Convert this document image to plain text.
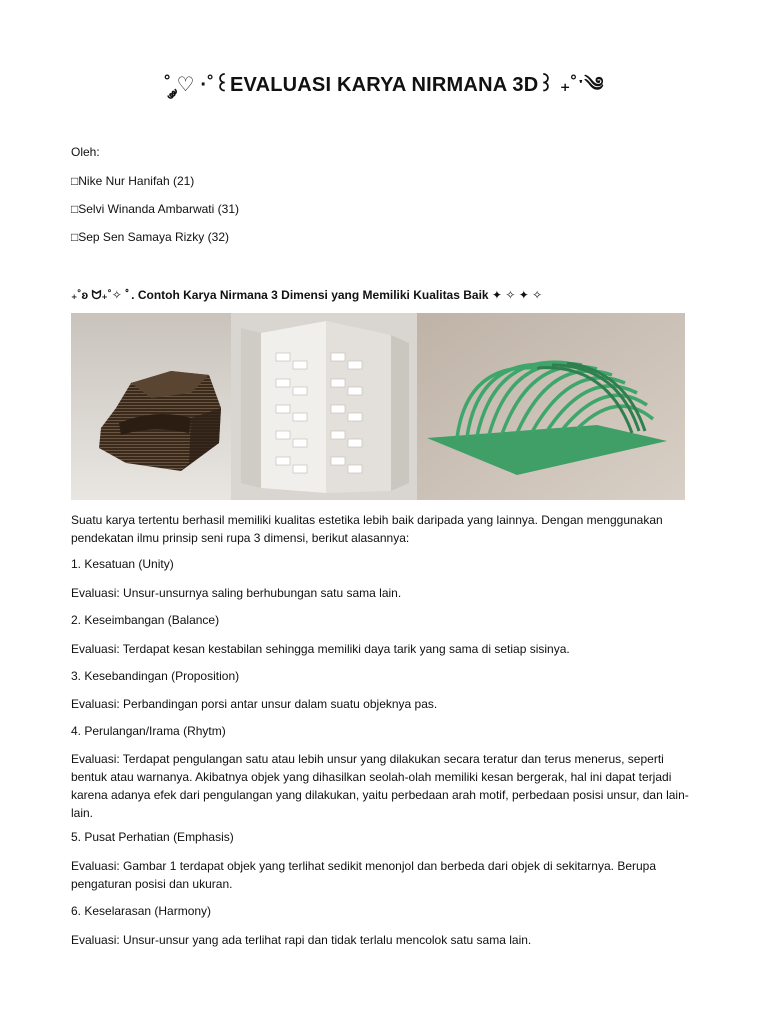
˚ ༘♡ ·˚꒰EVALUASI KARYA NIRMANA 3D꒱ ₊˚ˑ༄
Oleh:
□Nike Nur Hanifah (21)
□Selvi Winanda Ambarwati (31)
□Sep Sen Samaya Rizky (32)
₊˚ʚ ᗢ₊˚✧ ﾟ. Contoh Karya Nirmana 3 Dimensi yang Memiliki Kualitas Baik ✦ ✧ ✦ ✧
Suatu karya tertentu berhasil memiliki kualitas estetika lebih baik daripada yang lainnya. Dengan menggunakan pendekatan ilmu prinsip seni rupa 3 dimensi, berikut alasannya:
1. Kesatuan (Unity)
Evaluasi: Unsur-unsurnya saling berhubungan satu sama lain.
2. Keseimbangan (Balance)
Evaluasi: Terdapat kesan kestabilan sehingga memiliki daya tarik yang sama di setiap sisinya.
3. Kesebandingan (Proposition)
Evaluasi: Perbandingan porsi antar unsur dalam suatu objeknya pas.
4. Perulangan/Irama (Rhytm)
Evaluasi: Terdapat pengulangan satu atau lebih unsur yang dilakukan secara teratur dan terus menerus, seperti bentuk atau warnanya. Akibatnya objek yang dihasilkan seolah-olah memiliki kesan bergerak, hal ini dapat terjadi karena adanya efek dari pengulangan yang dilakukan, yaitu perbedaan arah motif, perbedaan posisi unsur, dan lain-lain.
5. Pusat Perhatian (Emphasis)
Evaluasi: Gambar 1 terdapat objek yang terlihat sedikit menonjol dan berbeda dari objek di sekitarnya. Berupa pengaturan posisi dan ukuran.
6. Keselarasan (Harmony)
Evaluasi: Unsur-unsur yang ada terlihat rapi dan tidak terlalu mencolok satu sama lain.
